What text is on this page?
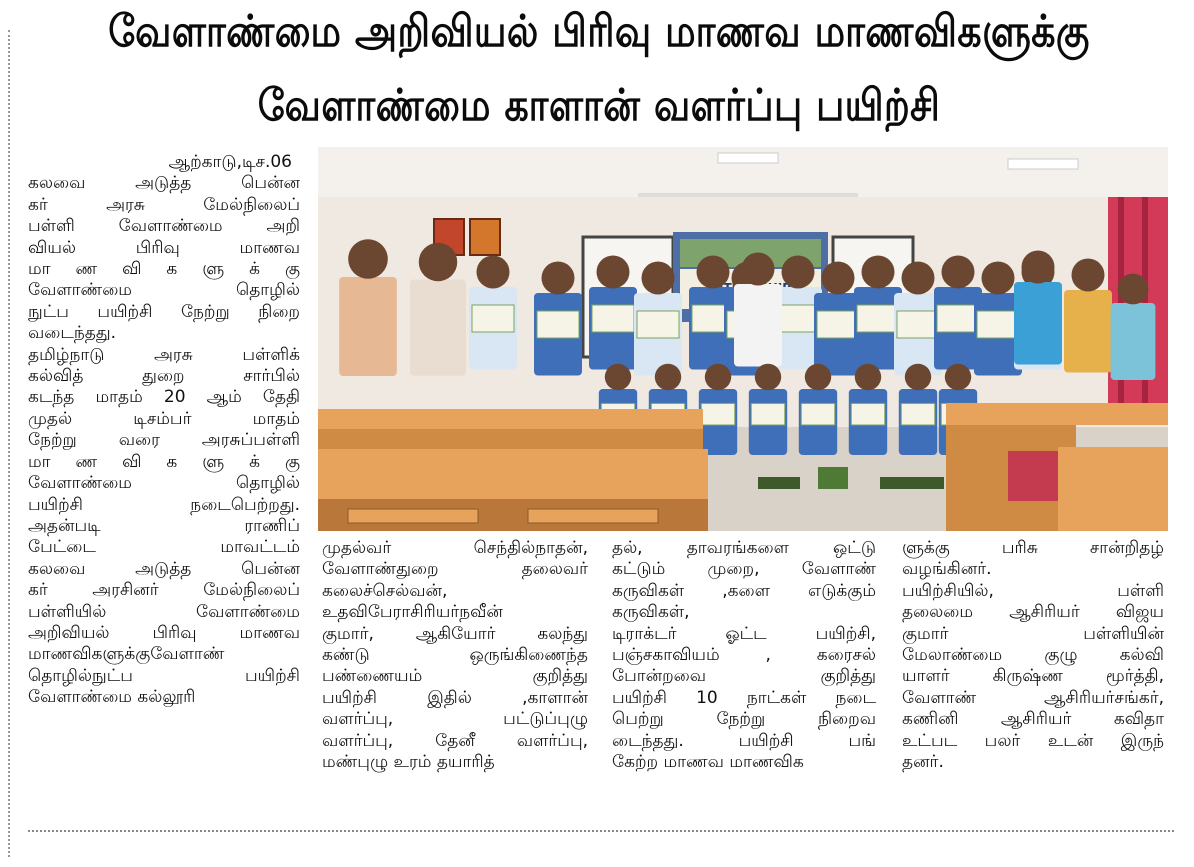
வேளாண்மை அறிவியல் பிரிவு மாணவ மாணவிகளுக்கு
வேளாண்மை காளான் வளர்ப்பு பயிற்சி
ஆற்காடு,டிச.06
கலவை அடுத்த பென்ன
கர் அரசு மேல்நிலைப்
பள்ளி வேளாண்மை அறி
வியல் பிரிவு மாணவ
மா ண வி க ளு க் கு
வேளாண்மை தொழில்
நுட்ப பயிற்சி நேற்று நிறை
வடைந்தது.
தமிழ்நாடு அரசு பள்ளிக்
கல்வித் துறை சார்பில்
கடந்த மாதம் 20 ஆம் தேதி
முதல் டிசம்பர் மாதம்
நேற்று வரை அரசுப்பள்ளி
மா ண வி க ளு க் கு
வேளாண்மை தொழில்
பயிற்சி நடைபெற்றது.
அதன்படி ராணிப்
பேட்டை மாவட்டம்
கலவை அடுத்த பென்ன
கர் அரசினர் மேல்நிலைப்
பள்ளியில் வேளாண்மை
அறிவியல் பிரிவு மாணவ
மாணவிகளுக்குவேளாண்
தொழில்நுட்ப பயிற்சி
வேளாண்மை கல்லூரி
முதல்வர் செந்தில்நாதன்,
வேளாண்துறை தலைவர்
கலைச்செல்வன்,
உதவிபேராசிரியர்நவீன்
குமார், ஆகியோர் கலந்து
கண்டு ஒருங்கிணைந்த
பண்ணையம் குறித்து
பயிற்சி இதில் ,காளான்
வளர்ப்பு, பட்டுப்புழு
வளர்ப்பு, தேனீ வளர்ப்பு,
மண்புழு உரம் தயாரித்
தல், தாவரங்களை ஒட்டு
கட்டும் முறை, வேளாண்
கருவிகள் ,களை எடுக்கும்
கருவிகள்,
டிராக்டர் ஓட்ட பயிற்சி,
பஞ்சகாவியம் , கரைசல்
போன்றவை குறித்து
பயிற்சி 10 நாட்கள் நடை
பெற்று நேற்று நிறைவ
டைந்தது. பயிற்சி பங்
கேற்ற மாணவ மாணவிக
ளுக்கு பரிசு சான்றிதழ்
வழங்கினர்.
பயிற்சியில், பள்ளி
தலைமை ஆசிரியர் விஜய
குமார் பள்ளியின்
மேலாண்மை குழு கல்வி
யாளர் கிருஷ்ண மூர்த்தி,
வேளாண் ஆசிரியர்சங்கர்,
கணினி ஆசிரியர் கவிதா
உட்பட பலர் உடன் இருந்
தனர்.
